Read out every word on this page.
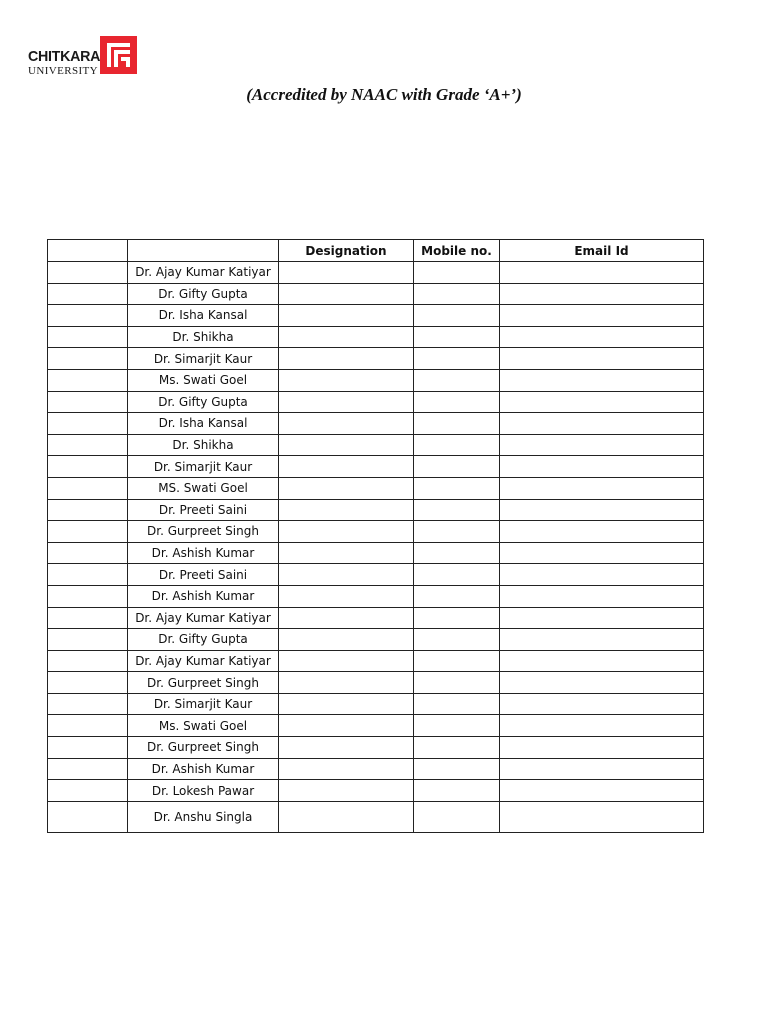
CHITKARA
UNIVERSITY
(Accredited by NAAC with Grade ‘A+’)
		Designation	Mobile no.	Email Id
	Dr. Ajay Kumar Katiyar			
	Dr. Gifty Gupta			
	Dr. Isha Kansal			
	Dr. Shikha			
	Dr. Simarjit Kaur			
	Ms. Swati Goel			
	Dr. Gifty Gupta			
	Dr. Isha Kansal			
	Dr. Shikha			
	Dr. Simarjit Kaur			
	MS. Swati Goel			
	Dr. Preeti Saini			
	Dr. Gurpreet Singh			
	Dr. Ashish Kumar			
	Dr. Preeti Saini			
	Dr. Ashish Kumar			
	Dr. Ajay Kumar Katiyar			
	Dr. Gifty Gupta			
	Dr. Ajay Kumar Katiyar			
	Dr. Gurpreet Singh			
	Dr. Simarjit Kaur			
	Ms. Swati Goel			
	Dr. Gurpreet Singh			
	Dr. Ashish Kumar			
	Dr. Lokesh Pawar			
	Dr. Anshu Singla			
